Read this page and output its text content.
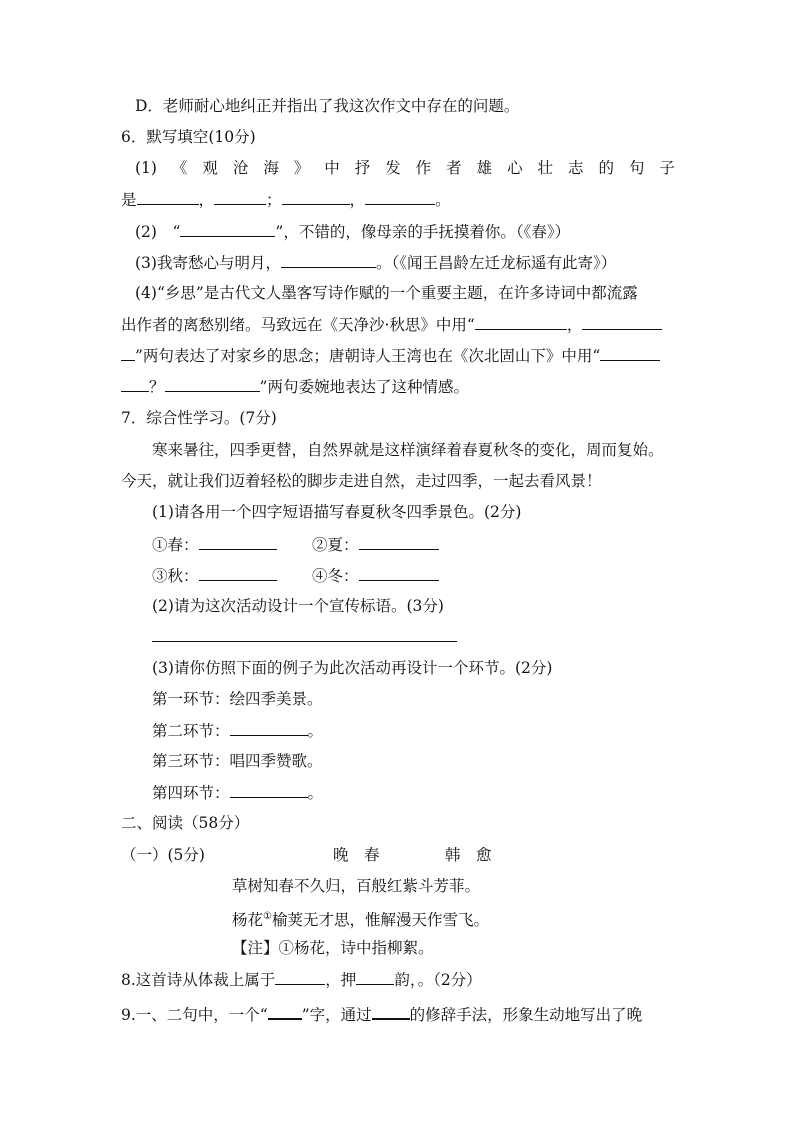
D．老师耐心地纠正并指出了我这次作文中存在的问题。
6．默写填空(10分)
(1) 《 观 沧 海 》 中 抒 发 作 者 雄 心 壮 志 的 句 子
是	，	；	，	。
(2)　“	”，不错的，像母亲的手抚摸着你。（《春》）
(3)我寄愁心与明月，	。（《闻王昌龄左迁龙标遥有此寄》）
(4)“乡思”是古代文人墨客写诗作赋的一个重要主题，在许多诗词中都流露
出作者的离愁别绪。马致远在《天净沙·秋思》中用“	，
”两句表达了对家乡的思念；唐朝诗人王湾也在《次北固山下》中用“
？	”两句委婉地表达了这种情感。
7．综合性学习。(7分)
寒来暑往，四季更替，自然界就是这样演绎着春夏秋冬的变化，周而复始。
今天，就让我们迈着轻松的脚步走进自然，走过四季，一起去看风景！
(1)请各用一个四字短语描写春夏秋冬四季景色。(2分)
①春：	②夏：
③秋：	④冬：
(2)请为这次活动设计一个宣传标语。(3分)
(3)请你仿照下面的例子为此次活动再设计一个环节。(2分)
第一环节：绘四季美景。
第二环节：	。
第三环节：唱四季赞歌。
第四环节：	。
二、阅读（58分）
（一）(5分)	晚　春	韩　愈
草树知春不久归，百般红紫斗芳菲。
杨花①榆荚无才思，惟解漫天作雪飞。
【注】①杨花，诗中指柳絮。
8.这首诗从体裁上属于	，押 韵，。（2分）
9.一、二句中，一个“ ”字，通过 的修辞手法，形象生动地写出了晚
